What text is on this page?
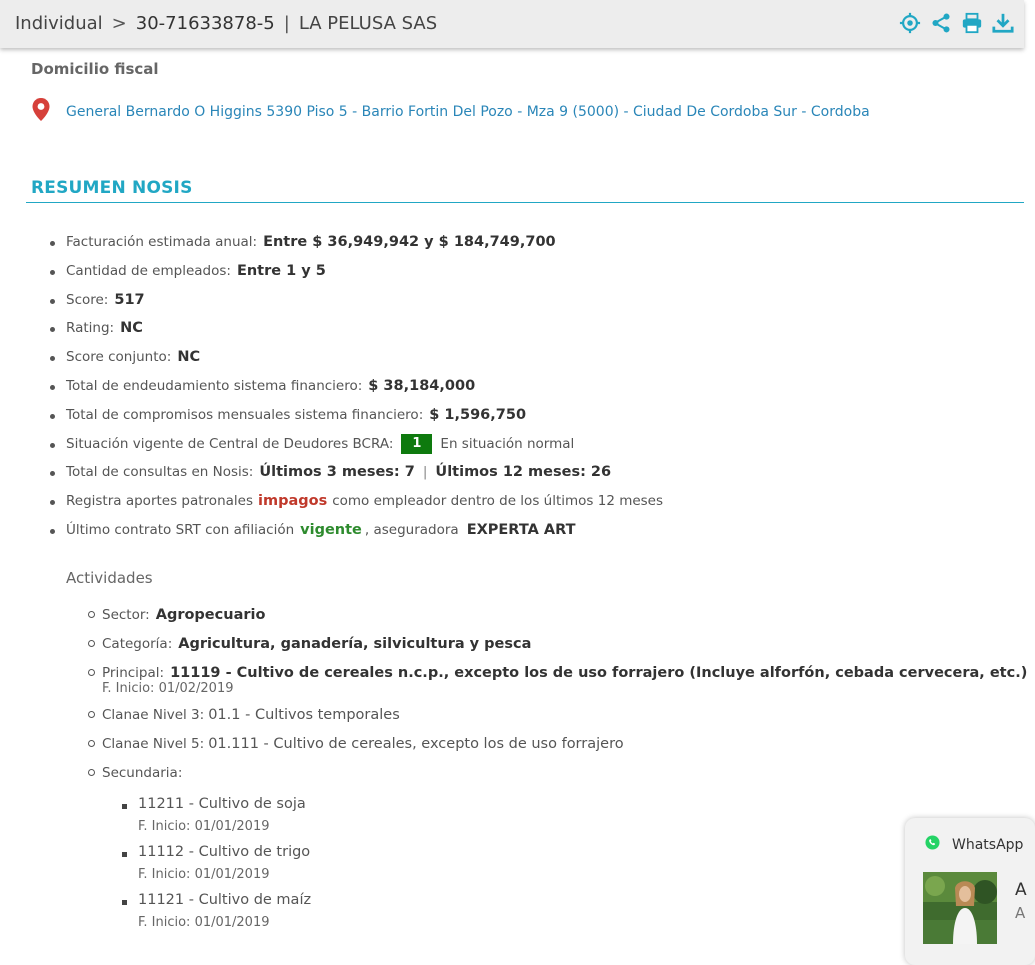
Individual > 30-71633878-5 | LA PELUSA SAS
Domicilio fiscal
General Bernardo O Higgins 5390 Piso 5 - Barrio Fortin Del Pozo - Mza 9 (5000) - Ciudad De Cordoba Sur - Cordoba
RESUMEN NOSIS
Facturación estimada anual: Entre $ 36,949,942 y $ 184,749,700
Cantidad de empleados: Entre 1 y 5
Score: 517
Rating: NC
Score conjunto: NC
Total de endeudamiento sistema financiero: $ 38,184,000
Total de compromisos mensuales sistema financiero: $ 1,596,750
Situación vigente de Central de Deudores BCRA: 1 En situación normal
Total de consultas en Nosis: Últimos 3 meses: 7 | Últimos 12 meses: 26
Registra aportes patronales impagos como empleador dentro de los últimos 12 meses
Último contrato SRT con afiliación vigente , aseguradora EXPERTA ART
Actividades
Sector: Agropecuario
Categoría: Agricultura, ganadería, silvicultura y pesca
Principal: 11119 - Cultivo de cereales n.c.p., excepto los de uso forrajero (Incluye alforfón, cebada cervecera, etc.)
F. Inicio: 01/02/2019
Clanae Nivel 3: 01.1 - Cultivos temporales
Clanae Nivel 5: 01.111 - Cultivo de cereales, excepto los de uso forrajero
Secundaria:
11211 - Cultivo de soja
F. Inicio: 01/01/2019
11112 - Cultivo de trigo
F. Inicio: 01/01/2019
11121 - Cultivo de maíz
F. Inicio: 01/01/2019
WhatsApp
A
A
